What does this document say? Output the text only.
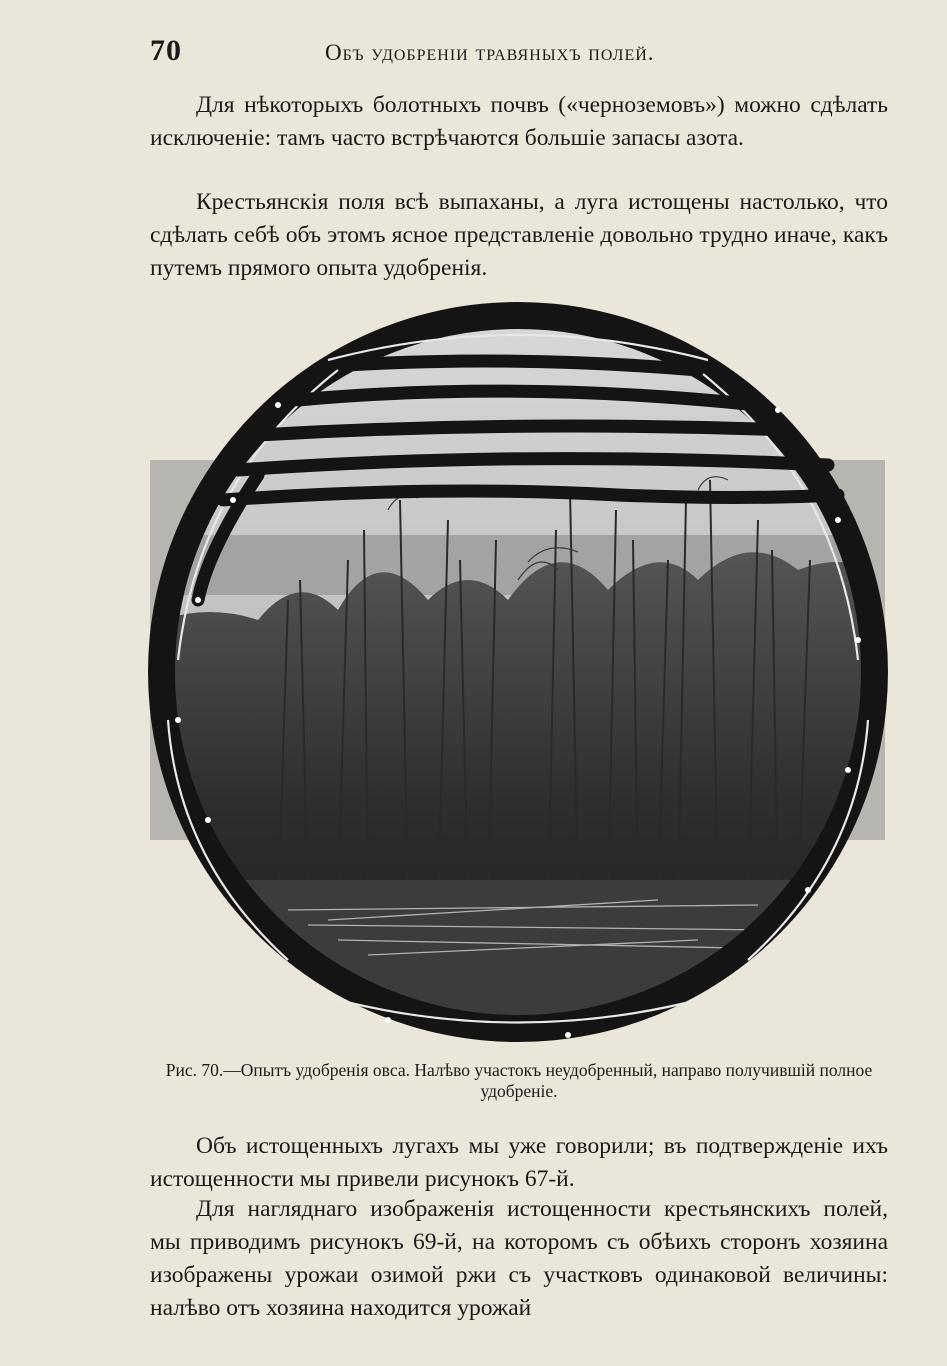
70	Объ удобреніи травяныхъ полей.

Для нѣкоторыхъ болотныхъ почвъ («черноземовъ») можно сдѣлать исключеніе: тамъ часто встрѣчаются большіе запасы азота.

Крестьянскія поля всѣ выпаханы, а луга истощены настолько, что сдѣлать себѣ объ этомъ ясное представленіе довольно трудно иначе, какъ путемъ прямого опыта удобренія.

Рис. 70.—Опытъ удобренія овса. Налѣво участокъ неудобренный, направо получившій полное удобреніе.

Объ истощенныхъ лугахъ мы уже говорили; въ подтвержденіе ихъ истощенности мы привели рисунокъ 67-й.

Для нагляднаго изображенія истощенности крестьянскихъ полей, мы приводимъ рисунокъ 69-й, на которомъ съ обѣихъ сторонъ хозяина изображены урожаи озимой ржи съ участковъ одинаковой величины: налѣво отъ хозяина находится урожай
